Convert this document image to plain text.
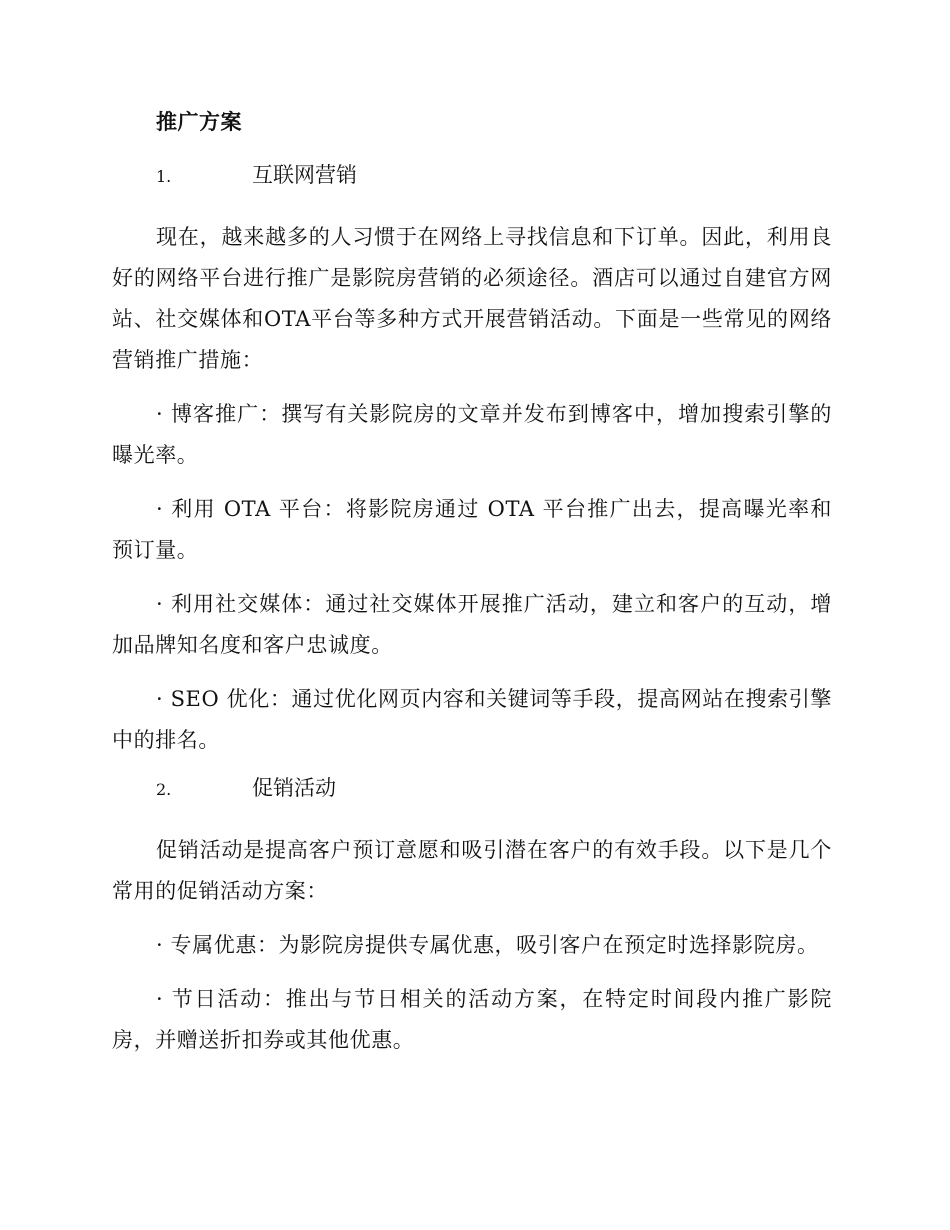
推广方案
1.	互联网营销

现在，越来越多的人习惯于在网络上寻找信息和下订单。因此，利用良好的网络平台进行推广是影院房营销的必须途径。酒店可以通过自建官方网站、社交媒体和OTA平台等多种方式开展营销活动。下面是一些常见的网络营销推广措施：

· 博客推广：撰写有关影院房的文章并发布到博客中，增加搜索引擎的曝光率。

· 利用 OTA 平台：将影院房通过 OTA 平台推广出去，提高曝光率和预订量。

· 利用社交媒体：通过社交媒体开展推广活动，建立和客户的互动，增加品牌知名度和客户忠诚度。

· SEO 优化：通过优化网页内容和关键词等手段，提高网站在搜索引擎中的排名。

2.	促销活动

促销活动是提高客户预订意愿和吸引潜在客户的有效手段。以下是几个常用的促销活动方案：

· 专属优惠：为影院房提供专属优惠，吸引客户在预定时选择影院房。

· 节日活动：推出与节日相关的活动方案，在特定时间段内推广影院房，并赠送折扣券或其他优惠。
